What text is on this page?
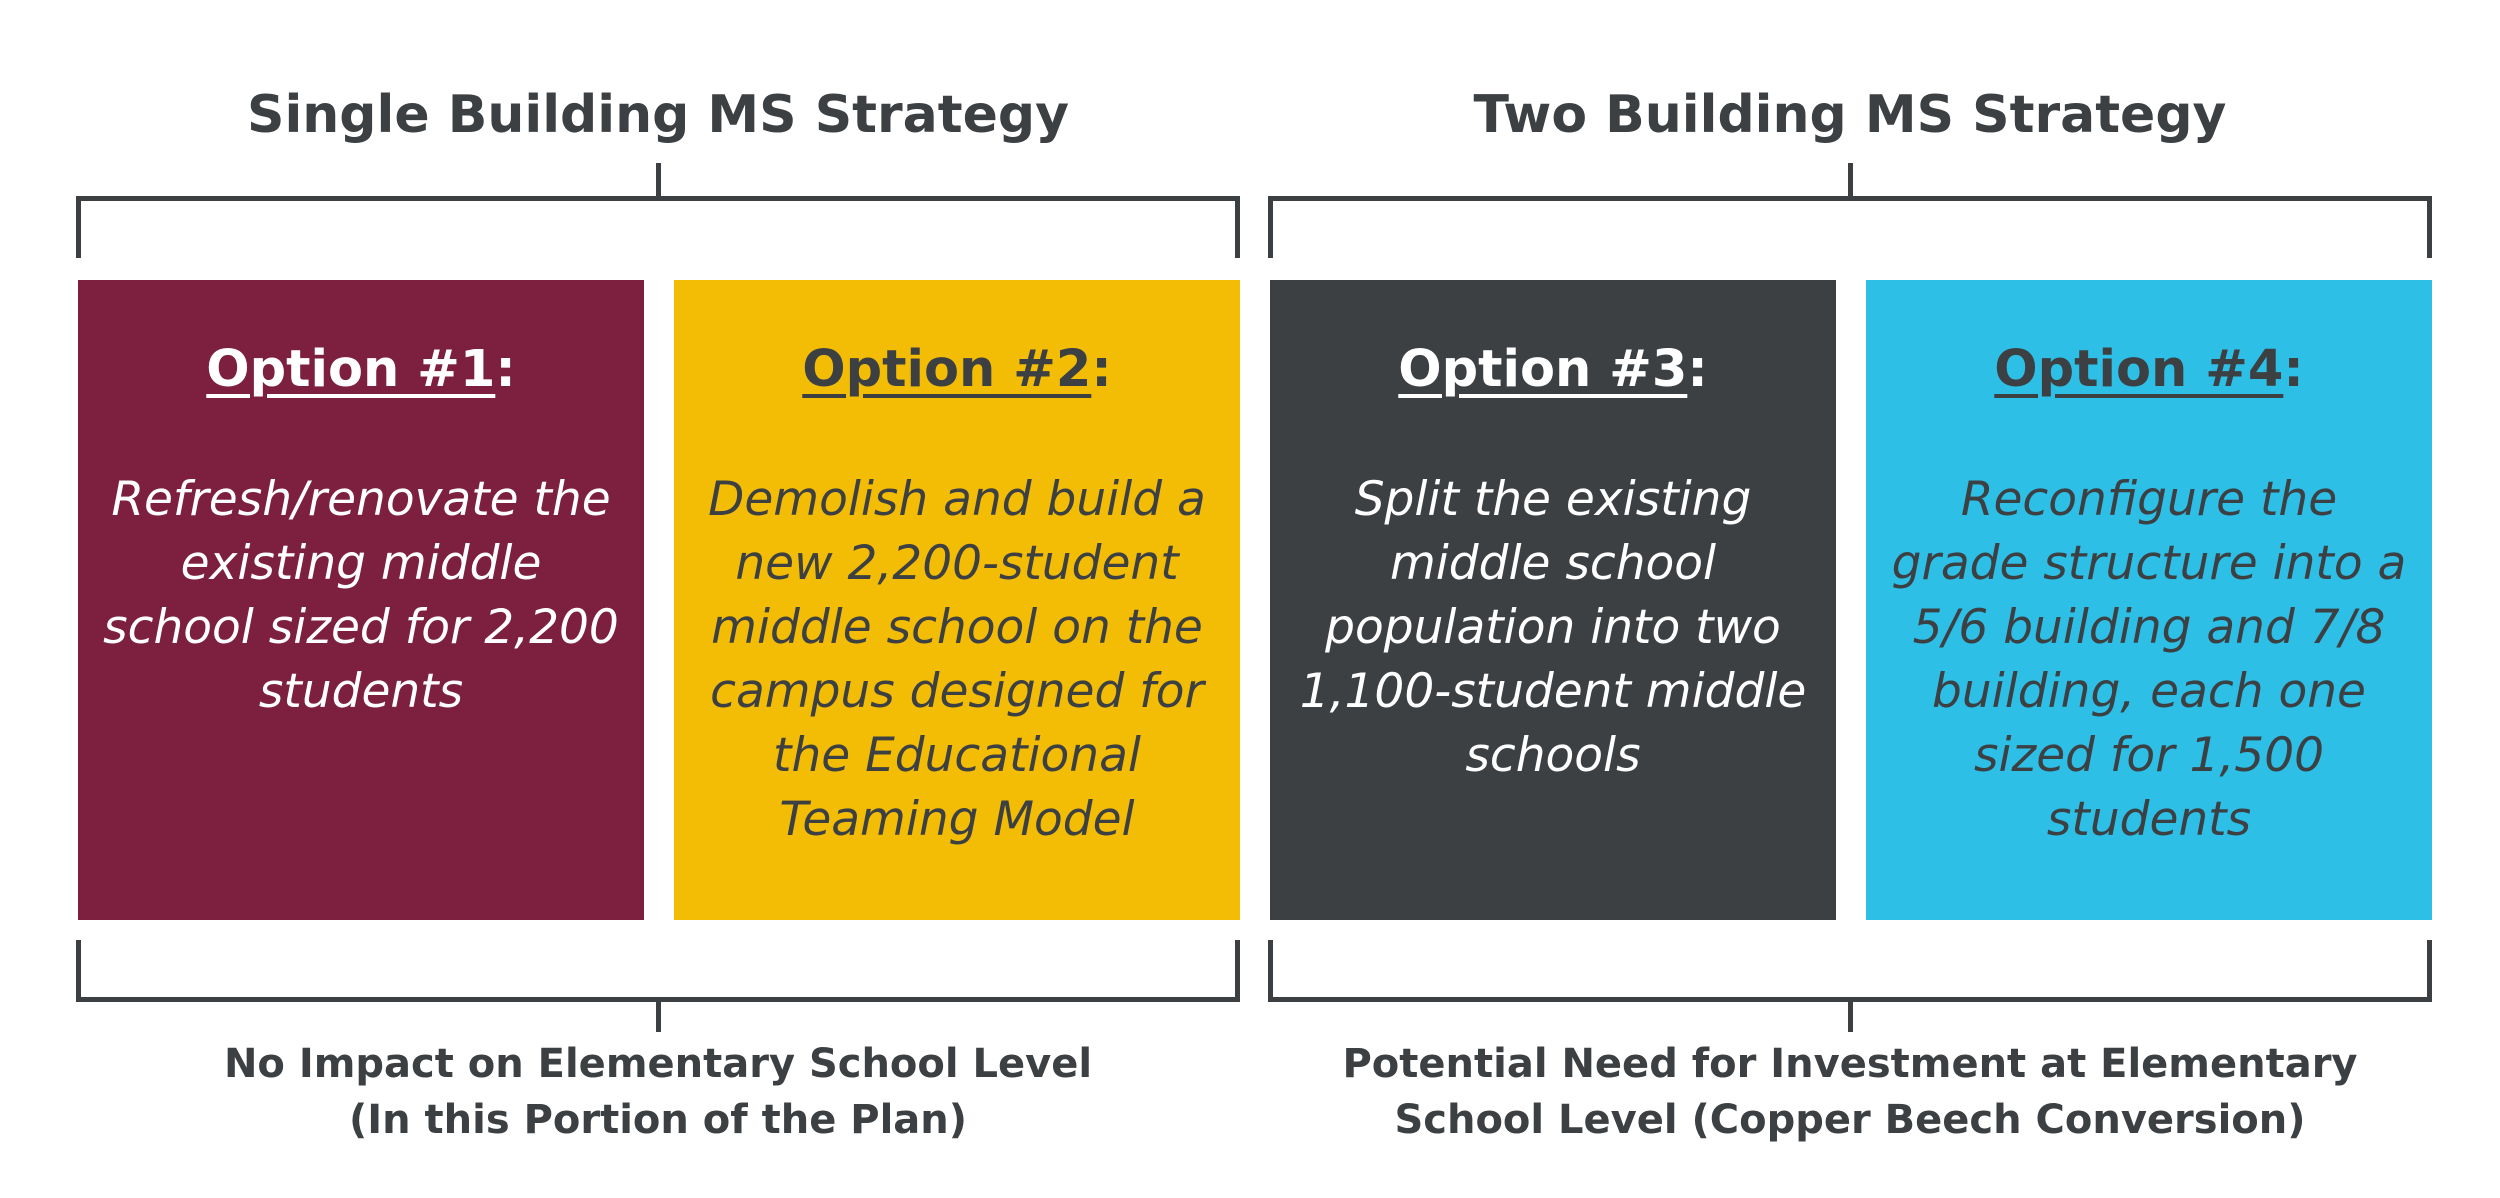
Single Building MS Strategy	Two Building MS Strategy
Option #1:
Refresh/renovate the existing middle school sized for 2,200 students
Option #2:
Demolish and build a new 2,200-student middle school on the campus designed for the Educational Teaming Model
Option #3:
Split the existing middle school population into two 1,100-student middle schools
Option #4:
Reconfigure the grade structure into a 5/6 building and 7/8 building, each one sized for 1,500 students
No Impact on Elementary School Level
(In this Portion of the Plan)
Potential Need for Investment at Elementary
School Level (Copper Beech Conversion)
